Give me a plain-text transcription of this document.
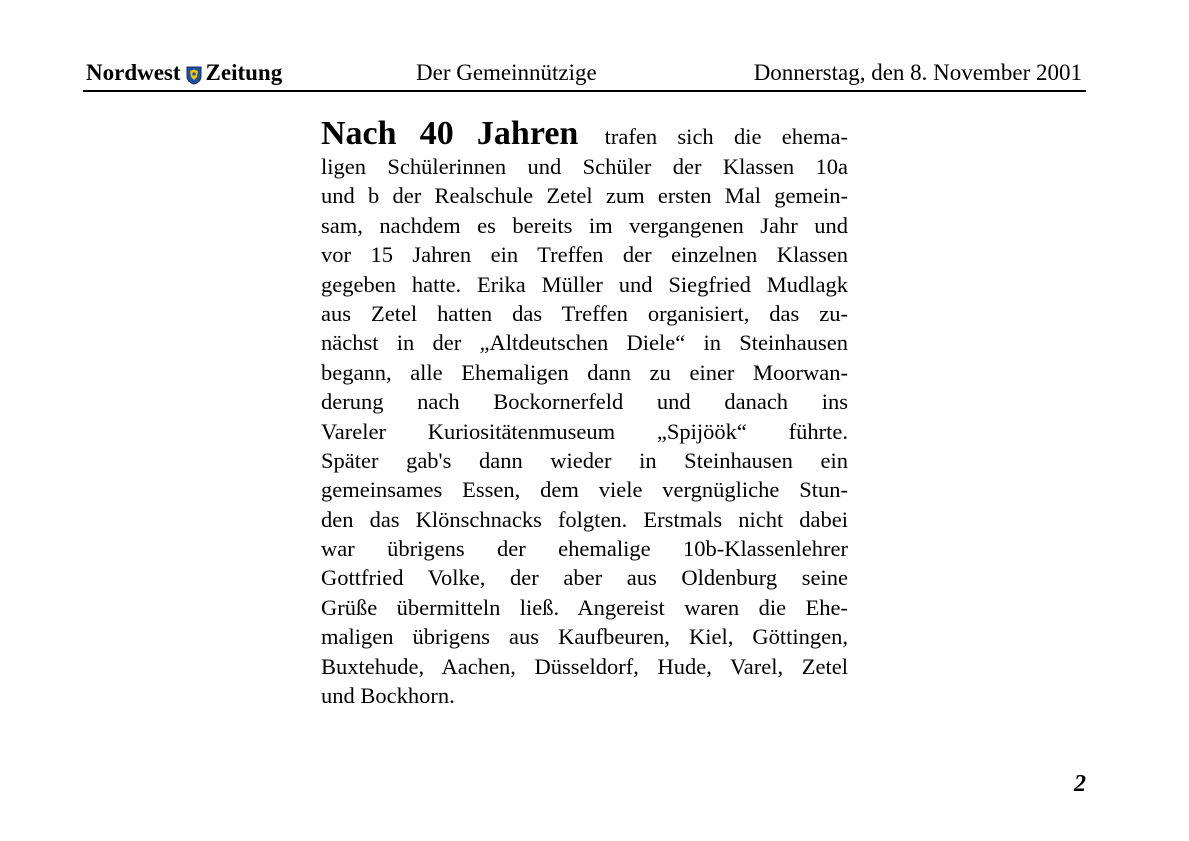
Nordwest Zeitung	Der Gemeinnützige	Donnerstag, den 8. November 2001
Nach 40 Jahren trafen sich die ehema-
ligen Schülerinnen und Schüler der Klassen 10a
und b der Realschule Zetel zum ersten Mal gemein-
sam, nachdem es bereits im vergangenen Jahr und
vor 15 Jahren ein Treffen der einzelnen Klassen
gegeben hatte. Erika Müller und Siegfried Mudlagk
aus Zetel hatten das Treffen organisiert, das zu-
nächst in der „Altdeutschen Diele“ in Steinhausen
begann, alle Ehemaligen dann zu einer Moorwan-
derung nach Bockornerfeld und danach ins
Vareler Kuriositätenmuseum „Spijöök“ führte.
Später gab's dann wieder in Steinhausen ein
gemeinsames Essen, dem viele vergnügliche Stun-
den das Klönschnacks folgten. Erstmals nicht dabei
war übrigens der ehemalige 10b-Klassenlehrer
Gottfried Volke, der aber aus Oldenburg seine
Grüße übermitteln ließ. Angereist waren die Ehe-
maligen übrigens aus Kaufbeuren, Kiel, Göttingen,
Buxtehude, Aachen, Düsseldorf, Hude, Varel, Zetel
und Bockhorn.
2
